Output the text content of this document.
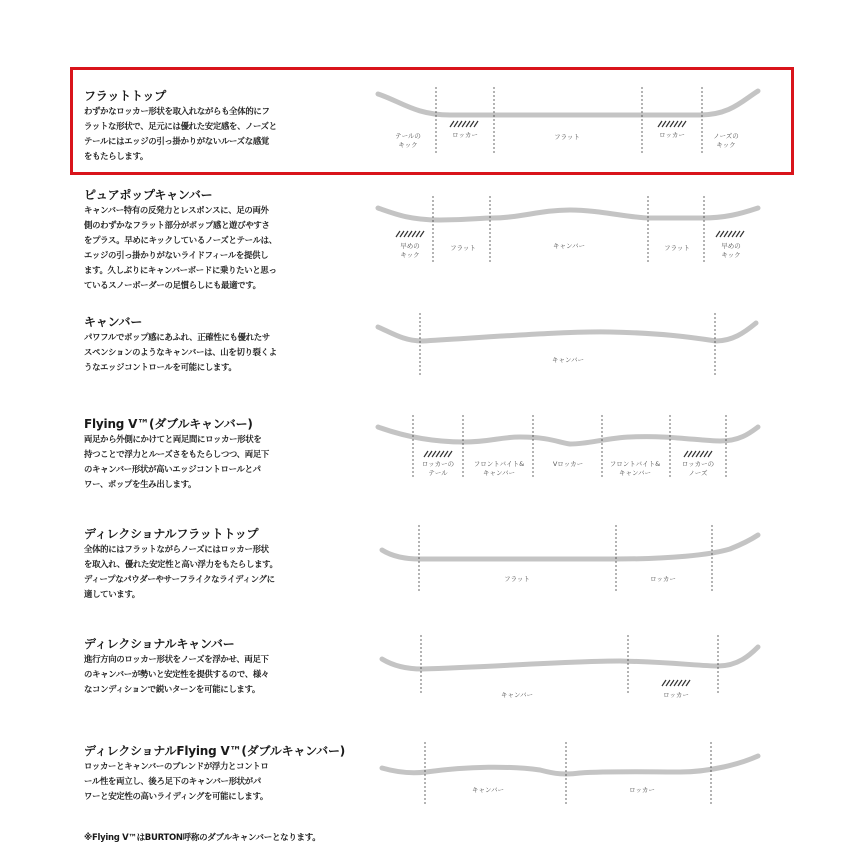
フラットトップ
わずかなロッカー形状を取入れながらも全体的にフ
ラットな形状で、足元には優れた安定感を、ノーズと
テールにはエッジの引っ掛かりがないルーズな感覚
をもたらします。
テールのキック
ロッカー	フラット	ロッカー	ノーズのキック
ピュアポップキャンバー
キャンバー特有の反発力とレスポンスに、足の両外
側のわずかなフラット部分がポップ感と遊びやすさ
をプラス。早めにキックしているノーズとテールは、
エッジの引っ掛かりがないライドフィールを提供し
ます。久しぶりにキャンバーボードに乗りたいと思っ
ているスノーボーダーの足慣らしにも最適です。
早めのキック
フラット	キャンバー	フラット	早めのキック
キャンバー
パワフルでポップ感にあふれ、正確性にも優れたサ
スペンションのようなキャンバーは、山を切り裂くよ
うなエッジコントロールを可能にします。
キャンバー
Flying V™(ダブルキャンバー)
両足から外側にかけてと両足間にロッカー形状を
持つことで浮力とルーズさをもたらしつつ、両足下
のキャンバー形状が高いエッジコントロールとパ
ワー、ポップを生み出します。
ロッカーのテール
フロントバイト&キャンバー
Vロッカー	フロントバイト&キャンバー
ロッカーのノーズ
ディレクショナルフラットトップ
全体的にはフラットながらノーズにはロッカー形状
を取入れ、優れた安定性と高い浮力をもたらします。
ディープなパウダーやサーフライクなライディングに
適しています。
フラット	ロッカー
ディレクショナルキャンバー
進行方向のロッカー形状をノーズを浮かせ、両足下
のキャンバーが勢いと安定性を提供するので、様々
なコンディションで鋭いターンを可能にします。
キャンバー	ロッカー
ディレクショナルFlying V™(ダブルキャンバー)
ロッカーとキャンバーのブレンドが浮力とコントロ
ール性を両立し、後ろ足下のキャンバー形状がパ
ワーと安定性の高いライディングを可能にします。
キャンバー	ロッカー
※Flying V™はBURTON呼称のダブルキャンバーとなります。
